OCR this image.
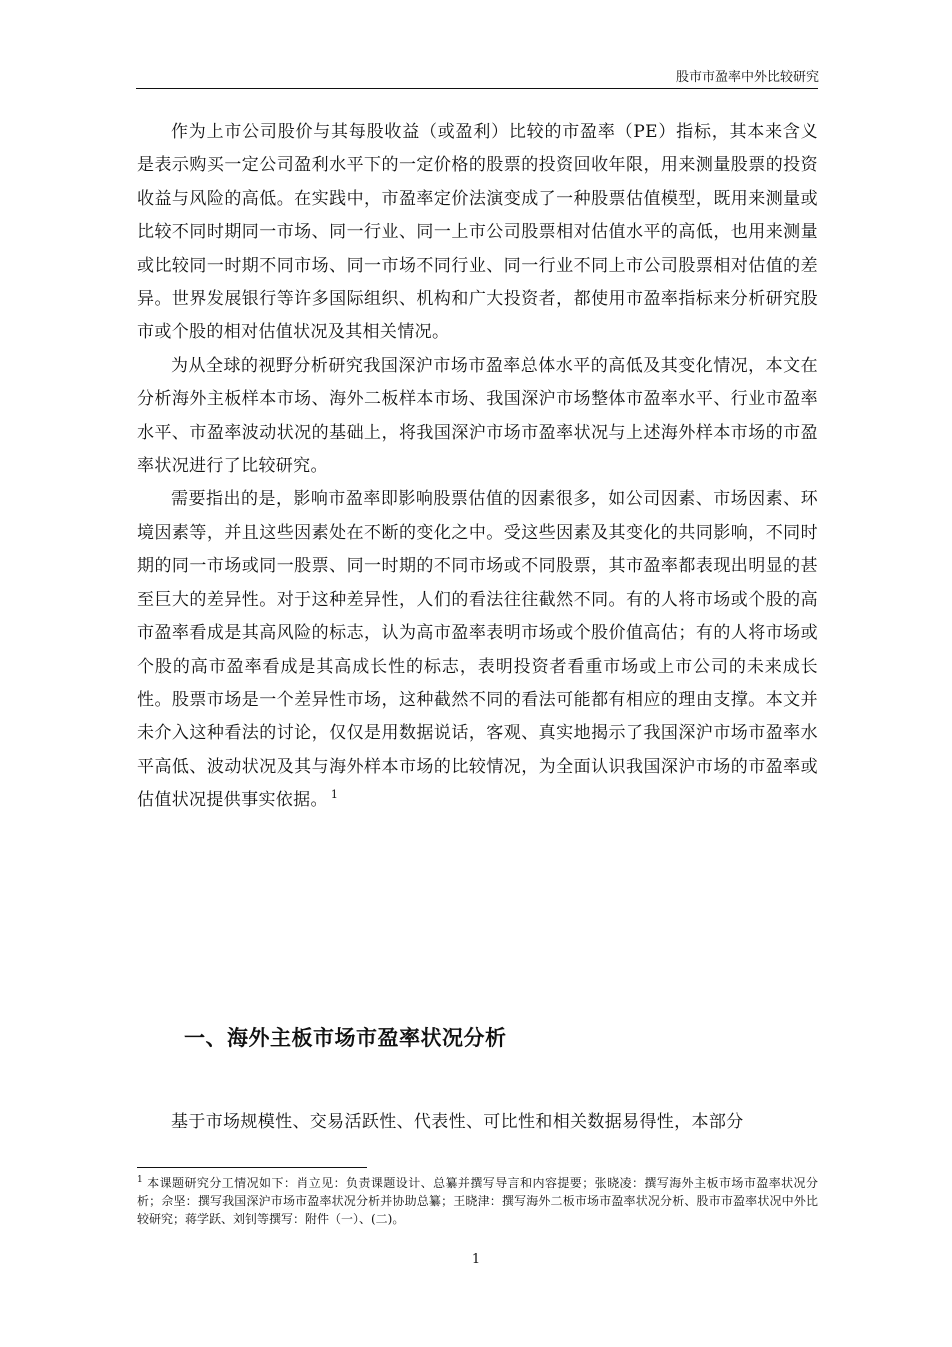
股市市盈率中外比较研究

作为上市公司股价与其每股收益（或盈利）比较的市盈率（PE）指标，其本来含义是表示购买一定公司盈利水平下的一定价格的股票的投资回收年限，用来测量股票的投资收益与风险的高低。在实践中，市盈率定价法演变成了一种股票估值模型，既用来测量或比较不同时期同一市场、同一行业、同一上市公司股票相对估值水平的高低，也用来测量或比较同一时期不同市场、同一市场不同行业、同一行业不同上市公司股票相对估值的差异。世界发展银行等许多国际组织、机构和广大投资者，都使用市盈率指标来分析研究股市或个股的相对估值状况及其相关情况。

为从全球的视野分析研究我国深沪市场市盈率总体水平的高低及其变化情况，本文在分析海外主板样本市场、海外二板样本市场、我国深沪市场整体市盈率水平、行业市盈率水平、市盈率波动状况的基础上，将我国深沪市场市盈率状况与上述海外样本市场的市盈率状况进行了比较研究。

需要指出的是，影响市盈率即影响股票估值的因素很多，如公司因素、市场因素、环境因素等，并且这些因素处在不断的变化之中。受这些因素及其变化的共同影响，不同时期的同一市场或同一股票、同一时期的不同市场或不同股票，其市盈率都表现出明显的甚至巨大的差异性。对于这种差异性，人们的看法往往截然不同。有的人将市场或个股的高市盈率看成是其高风险的标志，认为高市盈率表明市场或个股价值高估；有的人将市场或个股的高市盈率看成是其高成长性的标志，表明投资者看重市场或上市公司的未来成长性。股票市场是一个差异性市场，这种截然不同的看法可能都有相应的理由支撑。本文并未介入这种看法的讨论，仅仅是用数据说话，客观、真实地揭示了我国深沪市场市盈率水平高低、波动状况及其与海外样本市场的比较情况，为全面认识我国深沪市场的市盈率或估值状况提供事实依据。 $^1$

一、海外主板市场市盈率状况分析

基于市场规模性、交易活跃性、代表性、可比性和相关数据易得性，本部分

$^1$ 本课题研究分工情况如下：肖立见：负责课题设计、总纂并撰写导言和内容提要；张晓凌：撰写海外主板市场市盈率状况分析；佘坚：撰写我国深沪市场市盈率状况分析并协助总纂；王晓津：撰写海外二板市场市盈率状况分析、股市市盈率状况中外比较研究；蒋学跃、刘钊等撰写：附件（一）、(二)。

1
